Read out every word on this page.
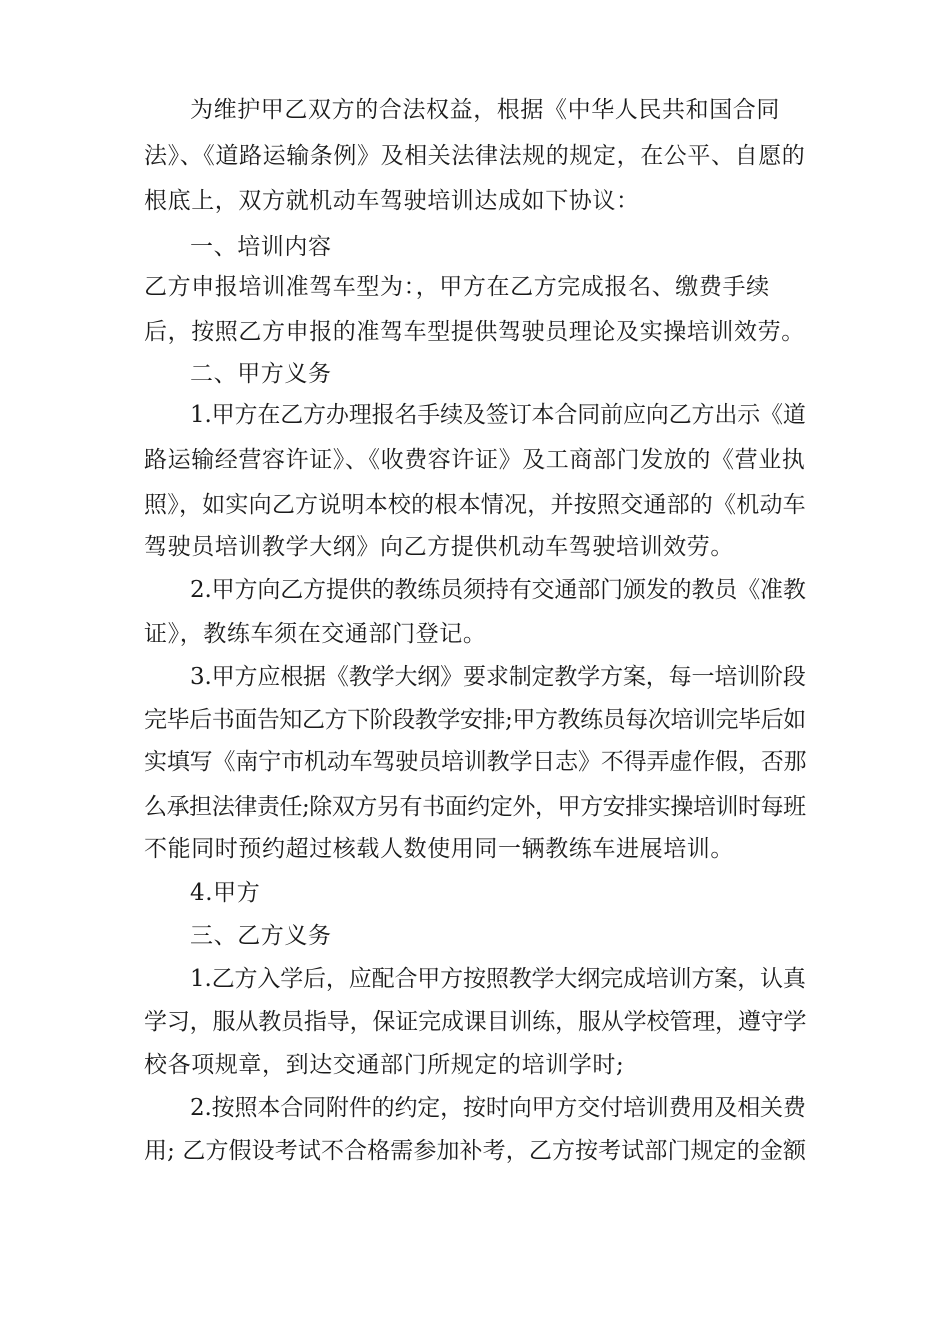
为维护甲乙双方的合法权益，根据《中华人民共和国合同
法》、《道路运输条例》及相关法律法规的规定，在公平、自愿的
根底上，双方就机动车驾驶培训达成如下协议：
一、培训内容
乙方申报培训准驾车型为：，甲方在乙方完成报名、缴费手续
后，按照乙方申报的准驾车型提供驾驶员理论及实操培训效劳。
二、甲方义务
1.甲方在乙方办理报名手续及签订本合同前应向乙方出示《道
路运输经营容许证》、《收费容许证》及工商部门发放的《营业执
照》，如实向乙方说明本校的根本情况，并按照交通部的《机动车
驾驶员培训教学大纲》向乙方提供机动车驾驶培训效劳。
2.甲方向乙方提供的教练员须持有交通部门颁发的教员《准教
证》，教练车须在交通部门登记。
3.甲方应根据《教学大纲》要求制定教学方案，每一培训阶段
完毕后书面告知乙方下阶段教学安排;甲方教练员每次培训完毕后如
实填写《南宁市机动车驾驶员培训教学日志》不得弄虚作假，否那
么承担法律责任;除双方另有书面约定外，甲方安排实操培训时每班
不能同时预约超过核载人数使用同一辆教练车进展培训。
4.甲方
三、乙方义务
1.乙方入学后，应配合甲方按照教学大纲完成培训方案，认真
学习，服从教员指导，保证完成课目训练，服从学校管理，遵守学
校各项规章，到达交通部门所规定的培训学时;
2.按照本合同附件的约定，按时向甲方交付培训费用及相关费
用; 乙方假设考试不合格需参加补考，乙方按考试部门规定的金额
